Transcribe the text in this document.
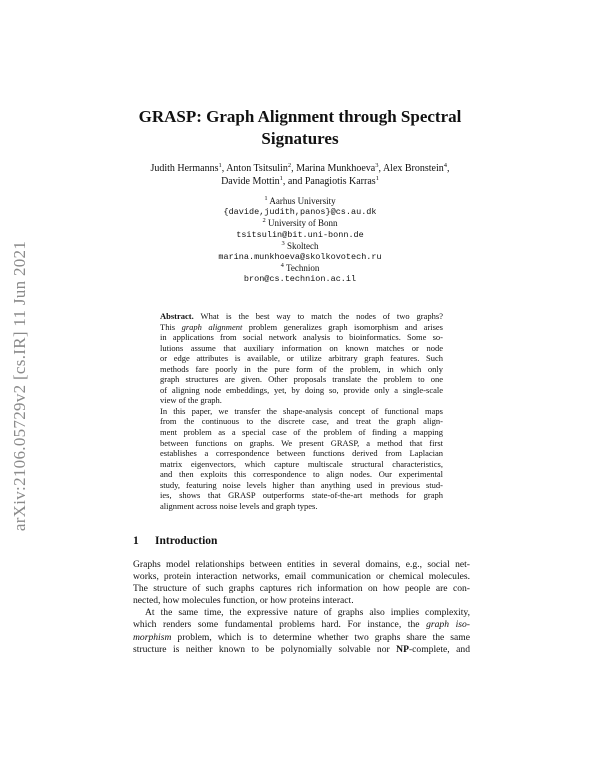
arXiv:2106.05729v2 [cs.IR] 11 Jun 2021
GRASP: Graph Alignment through Spectral
Signatures
Judith Hermanns$^1$, Anton Tsitsulin$^2$, Marina Munkhoeva$^3$, Alex Bronstein$^4$,
Davide Mottin$^1$, and Panagiotis Karras$^1$
$^1$ Aarhus University
{davide,judith,panos}@cs.au.dk
$^2$ University of Bonn
tsitsulin@bit.uni-bonn.de
$^3$ Skoltech
marina.munkhoeva@skolkovotech.ru
$^4$ Technion
bron@cs.technion.ac.il
Abstract. What is the best way to match the nodes of two graphs?
This graph alignment problem generalizes graph isomorphism and arises
in applications from social network analysis to bioinformatics. Some so-
lutions assume that auxiliary information on known matches or node
or edge attributes is available, or utilize arbitrary graph features. Such
methods fare poorly in the pure form of the problem, in which only
graph structures are given. Other proposals translate the problem to one
of aligning node embeddings, yet, by doing so, provide only a single-scale
view of the graph.
In this paper, we transfer the shape-analysis concept of functional maps
from the continuous to the discrete case, and treat the graph align-
ment problem as a special case of the problem of finding a mapping
between functions on graphs. We present GRASP, a method that first
establishes a correspondence between functions derived from Laplacian
matrix eigenvectors, which capture multiscale structural characteristics,
and then exploits this correspondence to align nodes. Our experimental
study, featuring noise levels higher than anything used in previous stud-
ies, shows that GRASP outperforms state-of-the-art methods for graph
alignment across noise levels and graph types.
1 Introduction
Graphs model relationships between entities in several domains, e.g., social net-
works, protein interaction networks, email communication or chemical molecules.
The structure of such graphs captures rich information on how people are con-
nected, how molecules function, or how proteins interact.
At the same time, the expressive nature of graphs also implies complexity,
which renders some fundamental problems hard. For instance, the graph iso-
morphism problem, which is to determine whether two graphs share the same
structure is neither known to be polynomially solvable nor NP-complete, and
